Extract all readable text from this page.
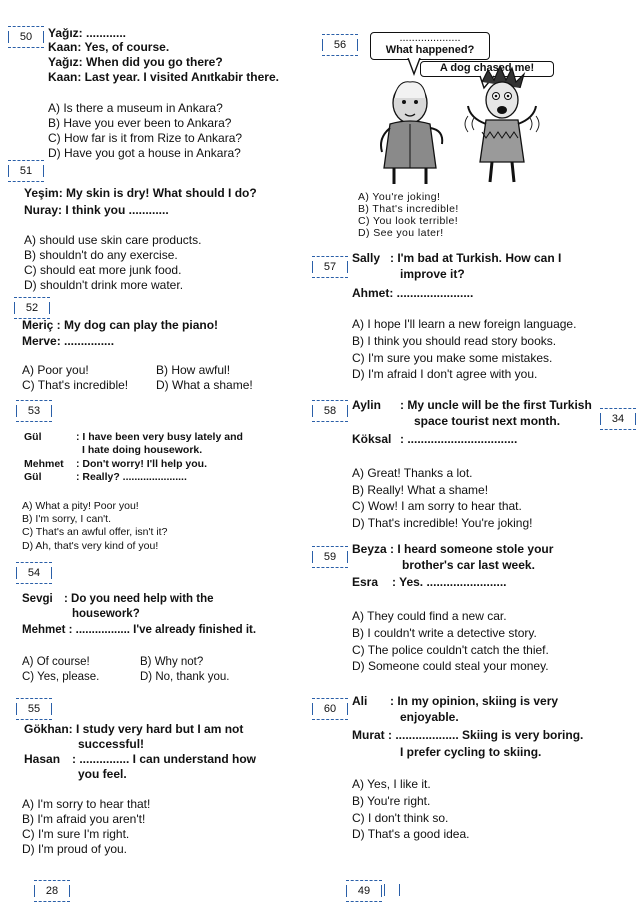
50	Yağız: ............
Kaan: Yes, of course.
Yağız: When did you go there?
Kaan: Last year. I visited Anıtkabir there.
A) Is there a museum in Ankara?
B) Have you ever been to Ankara?
C) How far is it from Rize to Ankara?
D) Have you got a house in Ankara?
51
Yeşim: My skin is dry! What should I do?
Nuray: I think you ............
A) should use skin care products.
B) shouldn't do any exercise.
C) should eat more junk food.
D) shouldn't drink more water.
52
Meriç : My dog can play the piano!
Merve: ...............
A) Poor you!	B) How awful!
C) That's incredible! D) What a shame!
53
Gül	: I have been very busy lately and
I hate doing housework.
Mehmet : Don't worry! I'll help you.
Gül	: Really? ......................
A) What a pity! Poor you!
B) I'm sorry, I can't.
C) That's an awful offer, isn't it?
D) Ah, that's very kind of you!
54
Sevgi : Do you need help with the
housework?
Mehmet : ................. I've already finished it.
A) Of course!	B) Why not?
C) Yes, please.	D) No, thank you.
55
Gökhan: I study very hard but I am not
successful!
Hasan : ............... I can understand how
you feel.
A) I'm sorry to hear that!
B) I'm afraid you aren't!
C) I'm sure I'm right.
D) I'm proud of you.
28
56
....................
What happened?
A dog chased me!
A) You're joking!
B) That's incredible!
C) You look terrible!
D) See you later!
57
Sally : I'm bad at Turkish. How can I
improve it?
Ahmet: .......................
A) I hope I'll learn a new foreign language.
B) I think you should read story books.
C) I'm sure you make some mistakes.
D) I'm afraid I don't agree with you.
58	Aylin : My uncle will be the first Turkish
space tourist next month.
Köksal : .................................
A) Great! Thanks a lot.
B) Really! What a shame!
C) Wow! I am sorry to hear that.
D) That's incredible! You're joking!
34
59
Beyza : I heard someone stole your
brother's car last week.
Esra : Yes. ........................
A) They could find a new car.
B) I couldn't write a detective story.
C) The police couldn't catch the thief.
D) Someone could steal your money.
60
Ali : In my opinion, skiing is very
enjoyable.
Murat : ................... Skiing is very boring.
I prefer cycling to skiing.
A) Yes, I like it.
B) You're right.
C) I don't think so.
D) That's a good idea.
49
